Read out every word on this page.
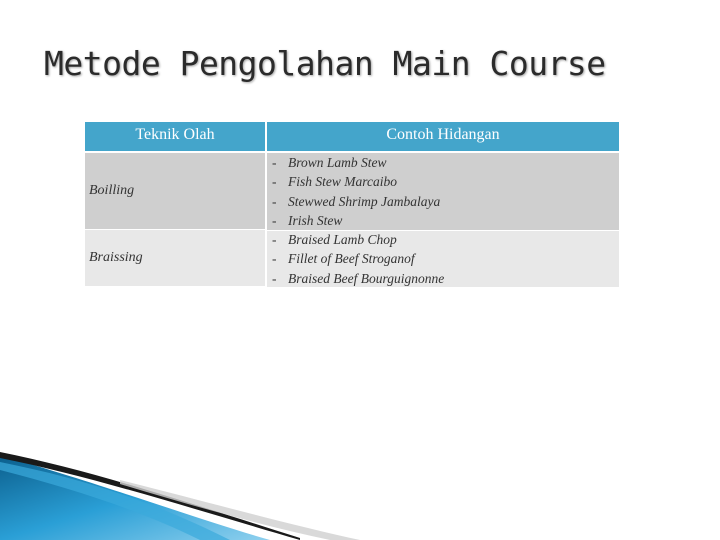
Metode Pengolahan Main Course
Teknik Olah	Contoh Hidangan
Boilling
Braissing
- Brown Lamb Stew
- Fish Stew Marcaibo
- Stewwed Shrimp Jambalaya
- Irish Stew
- Braised Lamb Chop
- Fillet of Beef Stroganof
- Braised Beef Bourguignonne
